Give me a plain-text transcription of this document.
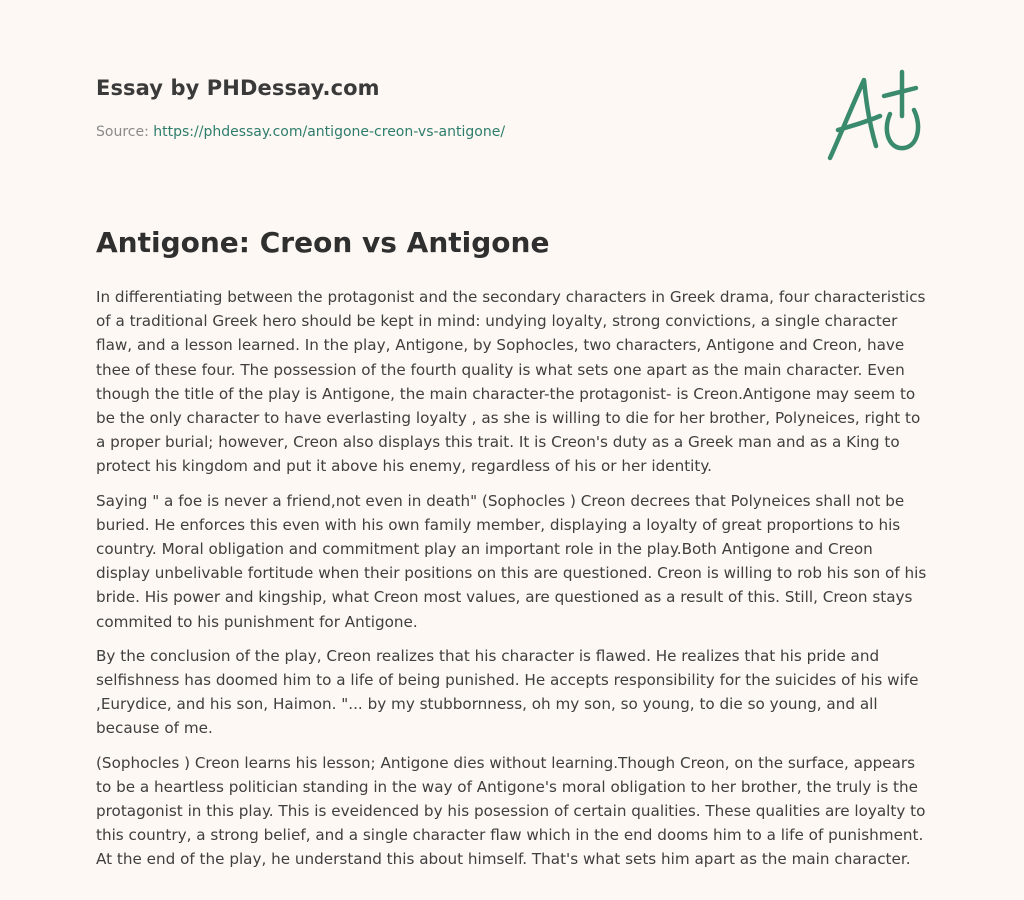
Essay by PHDessay.com
Source: https://phdessay.com/antigone-creon-vs-antigone/
Antigone: Creon vs Antigone

In differentiating between the protagonist and the secondary characters in Greek drama, four characteristics of a traditional Greek hero should be kept in mind: undying loyalty, strong convictions, a single character flaw, and a lesson learned. In the play, Antigone, by Sophocles, two characters, Antigone and Creon, have thee of these four. The possession of the fourth quality is what sets one apart as the main character. Even though the title of the play is Antigone, the main character-the protagonist- is Creon.Antigone may seem to be the only character to have everlasting loyalty , as she is willing to die for her brother, Polyneices, right to a proper burial; however, Creon also displays this trait. It is Creon's duty as a Greek man and as a King to protect his kingdom and put it above his enemy, regardless of his or her identity.

Saying " a foe is never a friend,not even in death" (Sophocles ) Creon decrees that Polyneices shall not be buried. He enforces this even with his own family member, displaying a loyalty of great proportions to his country. Moral obligation and commitment play an important role in the play.Both Antigone and Creon display unbelivable fortitude when their positions on this are questioned. Creon is willing to rob his son of his bride. His power and kingship, what Creon most values, are questioned as a result of this. Still, Creon stays commited to his punishment for Antigone.

By the conclusion of the play, Creon realizes that his character is flawed. He realizes that his pride and selfishness has doomed him to a life of being punished. He accepts responsibility for the suicides of his wife ,Eurydice, and his son, Haimon. "... by my stubbornness, oh my son, so young, to die so young, and all because of me.

(Sophocles ) Creon learns his lesson; Antigone dies without learning.Though Creon, on the surface, appears to be a heartless politician standing in the way of Antigone's moral obligation to her brother, the truly is the protagonist in this play. This is eveidenced by his posession of certain qualities. These qualities are loyalty to this country, a strong belief, and a single character flaw which in the end dooms him to a life of punishment. At the end of the play, he understand this about himself. That's what sets him apart as the main character.
